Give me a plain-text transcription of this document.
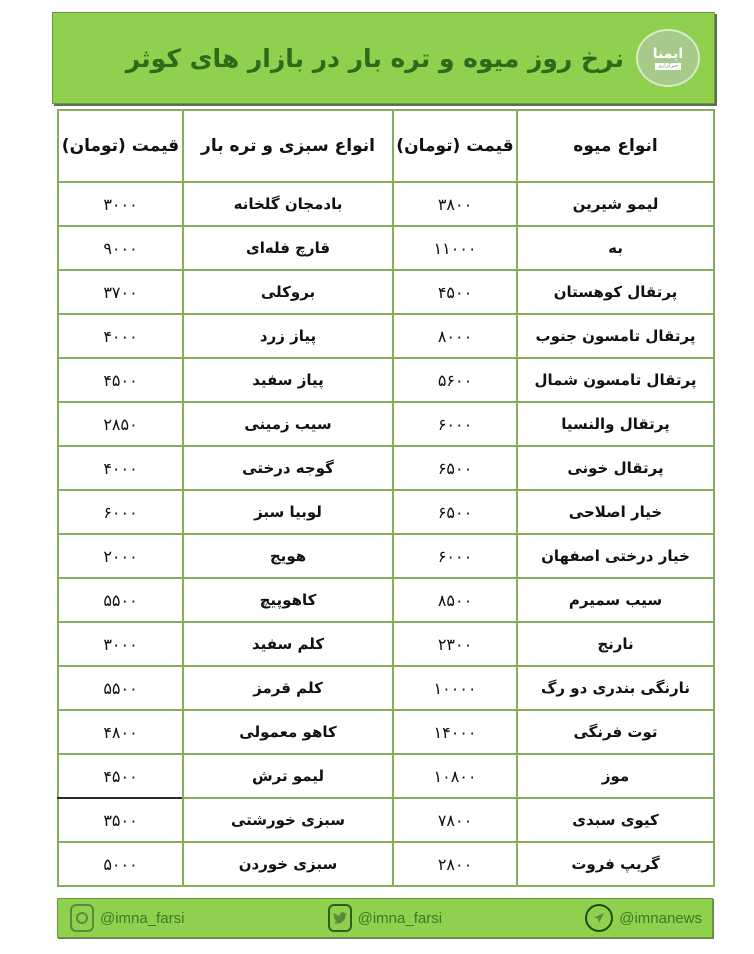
ایمنا
خبرگزاری
نرخ روز میوه و تره بار در بازار های کوثر
انواع میوه	قیمت (تومان)	انواع سبزی و تره بار	قیمت (تومان)
لیمو شیرین	۳۸۰۰	بادمجان گلخانه	۳۰۰۰
به	۱۱۰۰۰	قارچ فله‌ای	۹۰۰۰
پرتقال کوهستان	۴۵۰۰	بروکلی	۳۷۰۰
پرتقال تامسون جنوب	۸۰۰۰	پیاز زرد	۴۰۰۰
پرتقال تامسون شمال	۵۶۰۰	پیاز سفید	۴۵۰۰
پرتقال والنسیا	۶۰۰۰	سیب زمینی	۲۸۵۰
پرتقال خونی	۶۵۰۰	گوجه درختی	۴۰۰۰
خیار اصلاحی	۶۵۰۰	لوبیا سبز	۶۰۰۰
خیار درختی اصفهان	۶۰۰۰	هویج	۲۰۰۰
سیب سمیرم	۸۵۰۰	کاهوپیچ	۵۵۰۰
نارنج	۲۳۰۰	کلم سفید	۳۰۰۰
نارنگی بندری دو رگ	۱۰۰۰۰	کلم قرمز	۵۵۰۰
توت فرنگی	۱۴۰۰۰	کاهو معمولی	۴۸۰۰
موز	۱۰۸۰۰	لیمو ترش	۴۵۰۰
کیوی سبدی	۷۸۰۰	سبزی خورشتی	۳۵۰۰
گریپ فروت	۲۸۰۰	سبزی خوردن	۵۰۰۰
@imna_farsi	@imna_farsi	@imnanews
